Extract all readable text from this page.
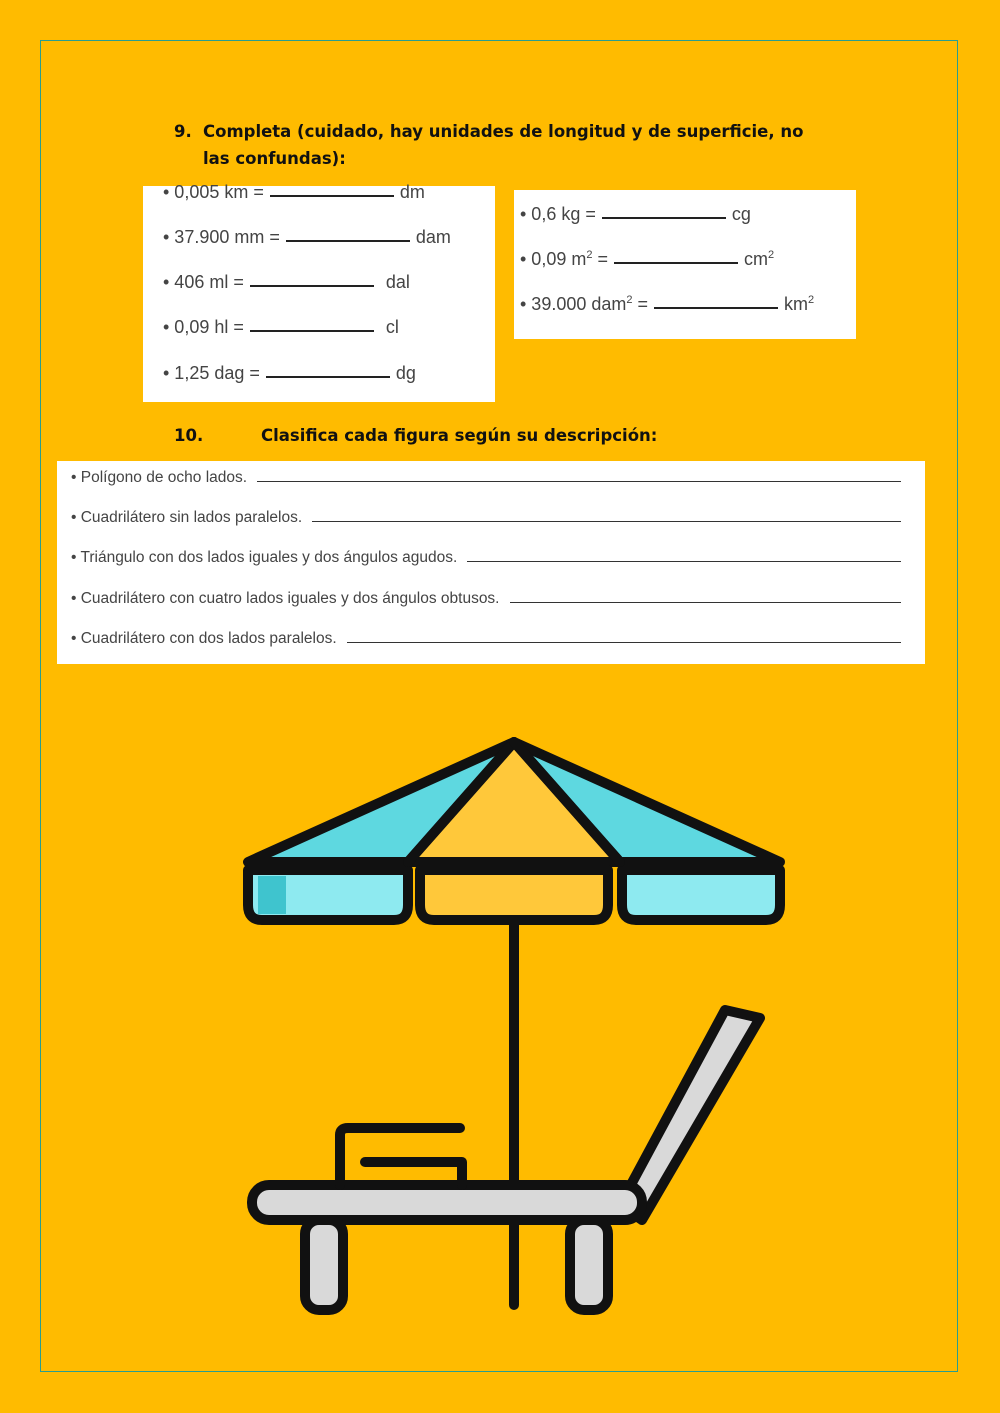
9. Completa (cuidado, hay unidades de longitud y de superficie, no las confundas):
• 0,005 km =	dm
• 37.900 mm =	dam
• 406 ml =	dal
• 0,09 hl =	cl
• 1,25 dag =	dg
• 0,6 kg =	cg
• 0,09 $m^2$ =	$cm^2$
• 39.000 dam$^2$ =	$km^2$
10.	Clasifica cada figura según su descripción:
• Polígono de ocho lados.
• Cuadrilátero sin lados paralelos.
• Triángulo con dos lados iguales y dos ángulos agudos.
• Cuadrilátero con cuatro lados iguales y dos ángulos obtusos.
• Cuadrilátero con dos lados paralelos.
